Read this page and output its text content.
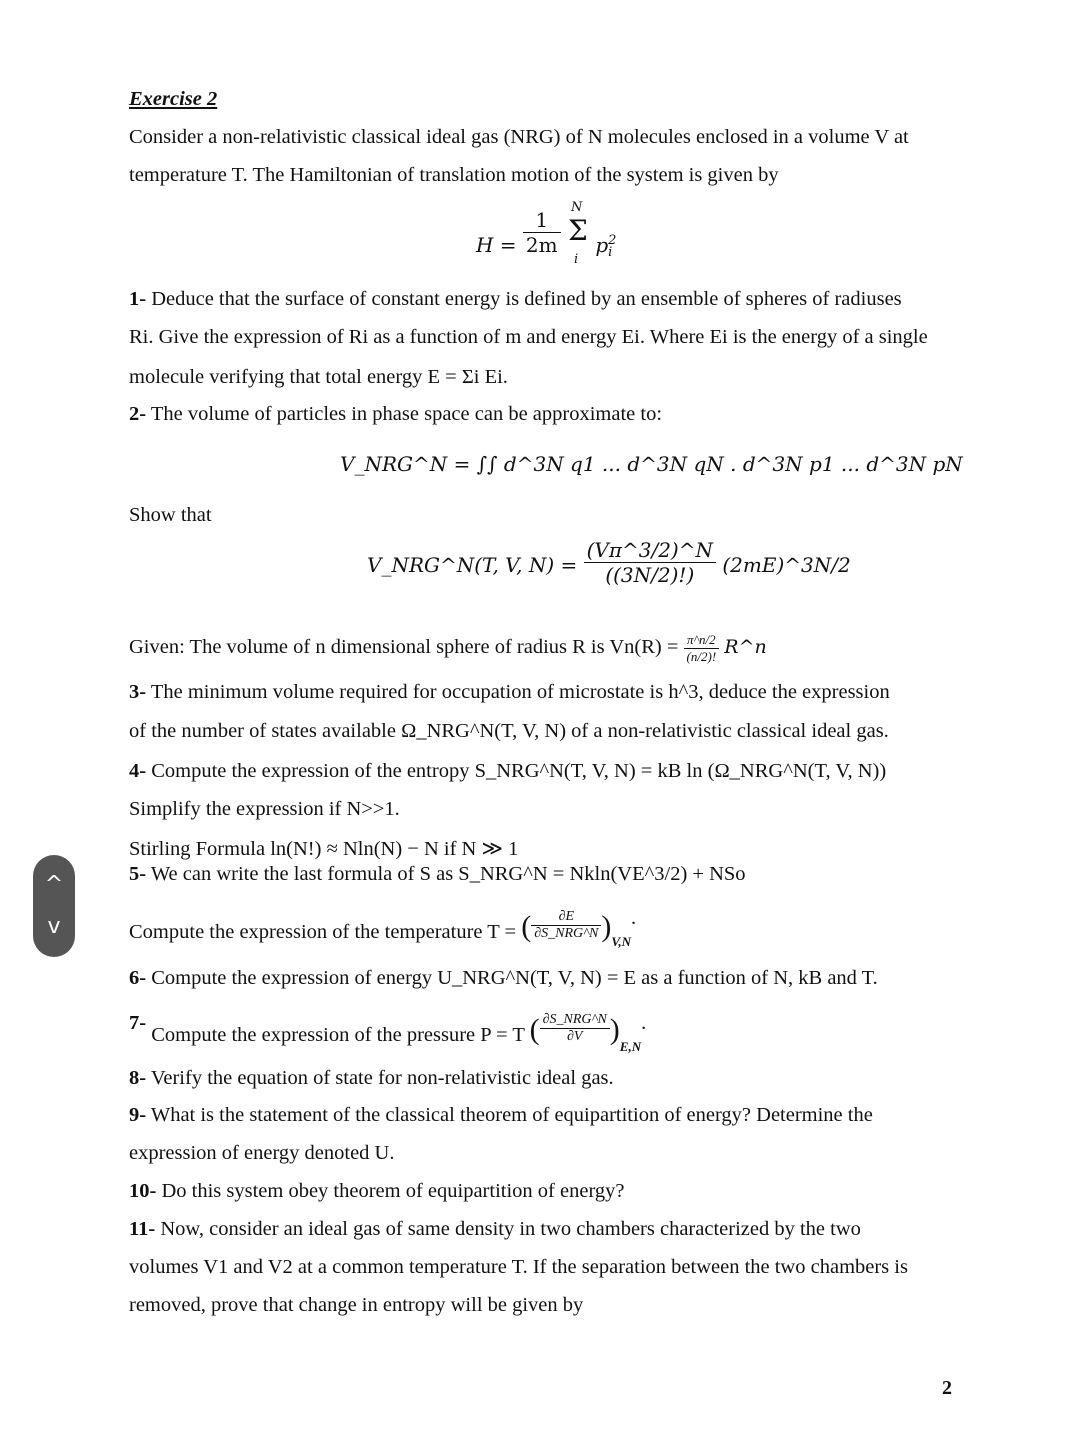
Exercise 2
Consider a non-relativistic classical ideal gas (NRG) of N molecules enclosed in a volume V at
temperature T. The Hamiltonian of translation motion of the system is given by
$H = \frac{1}{2m}$

N
Σ
i
p 2
i
1- Deduce that the surface of constant energy is defined by an ensemble of spheres of radiuses
Ri. Give the expression of Ri as a function of m and energy Ei. Where Ei is the energy of a single
molecule verifying that total energy E = Σi Ei.
2- The volume of particles in phase space can be approximate to:
V_NRG^N = ∫∫ d^3N q1 ... d^3N qN . d^3N p1 ... d^3N pN
Show that
V_NRG^N(T, V, $N) = \frac{(V\pi\^{}3/2)\^{}N}{((3N/2)!)}$ (2mE)^3N/2
Given: The volume of n dimensional sphere of radius R is $Vn(R) = \frac{\pi\^{}n/2}{(n/2)!}$ R^n
3- The minimum volume required for occupation of microstate is h^3, deduce the expression
of the number of states available Ω_NRG^N(T, V, N) of a non-relativistic classical ideal gas.
4- Compute the expression of the entropy S_NRG^N(T, V, N) = kB ln (Ω_NRG^N(T, V, N))
Simplify the expression if N>>1.
Stirling Formula ln(N!) ≈ Nln(N) − N if N ≫ 1
5- We can write the last formula of S as S_NRG^N = Nkln(VE^3/2) + NSo
Compute the expression of the temperature T = ( $\frac{\partial E}{\text{∂S\_NRG\textasciicircum{}N}} )_{V,N}$.
6- Compute the expression of energy U_NRG^N(T, V, N) = E as a function of N, kB and T.
7- Compute the expression of the pressure P = T ( $\frac{\text{∂S\_NRG\textasciicircum{}N}}{\partial V} )_{E,N}$.
8- Verify the equation of state for non-relativistic ideal gas.
9- What is the statement of the classical theorem of equipartition of energy? Determine the
expression of energy denoted U.
10- Do this system obey theorem of equipartition of energy?
11- Now, consider an ideal gas of same density in two chambers characterized by the two
volumes V1 and V2 at a common temperature T. If the separation between the two chambers is
removed, prove that change in entropy will be given by
^
v
2
